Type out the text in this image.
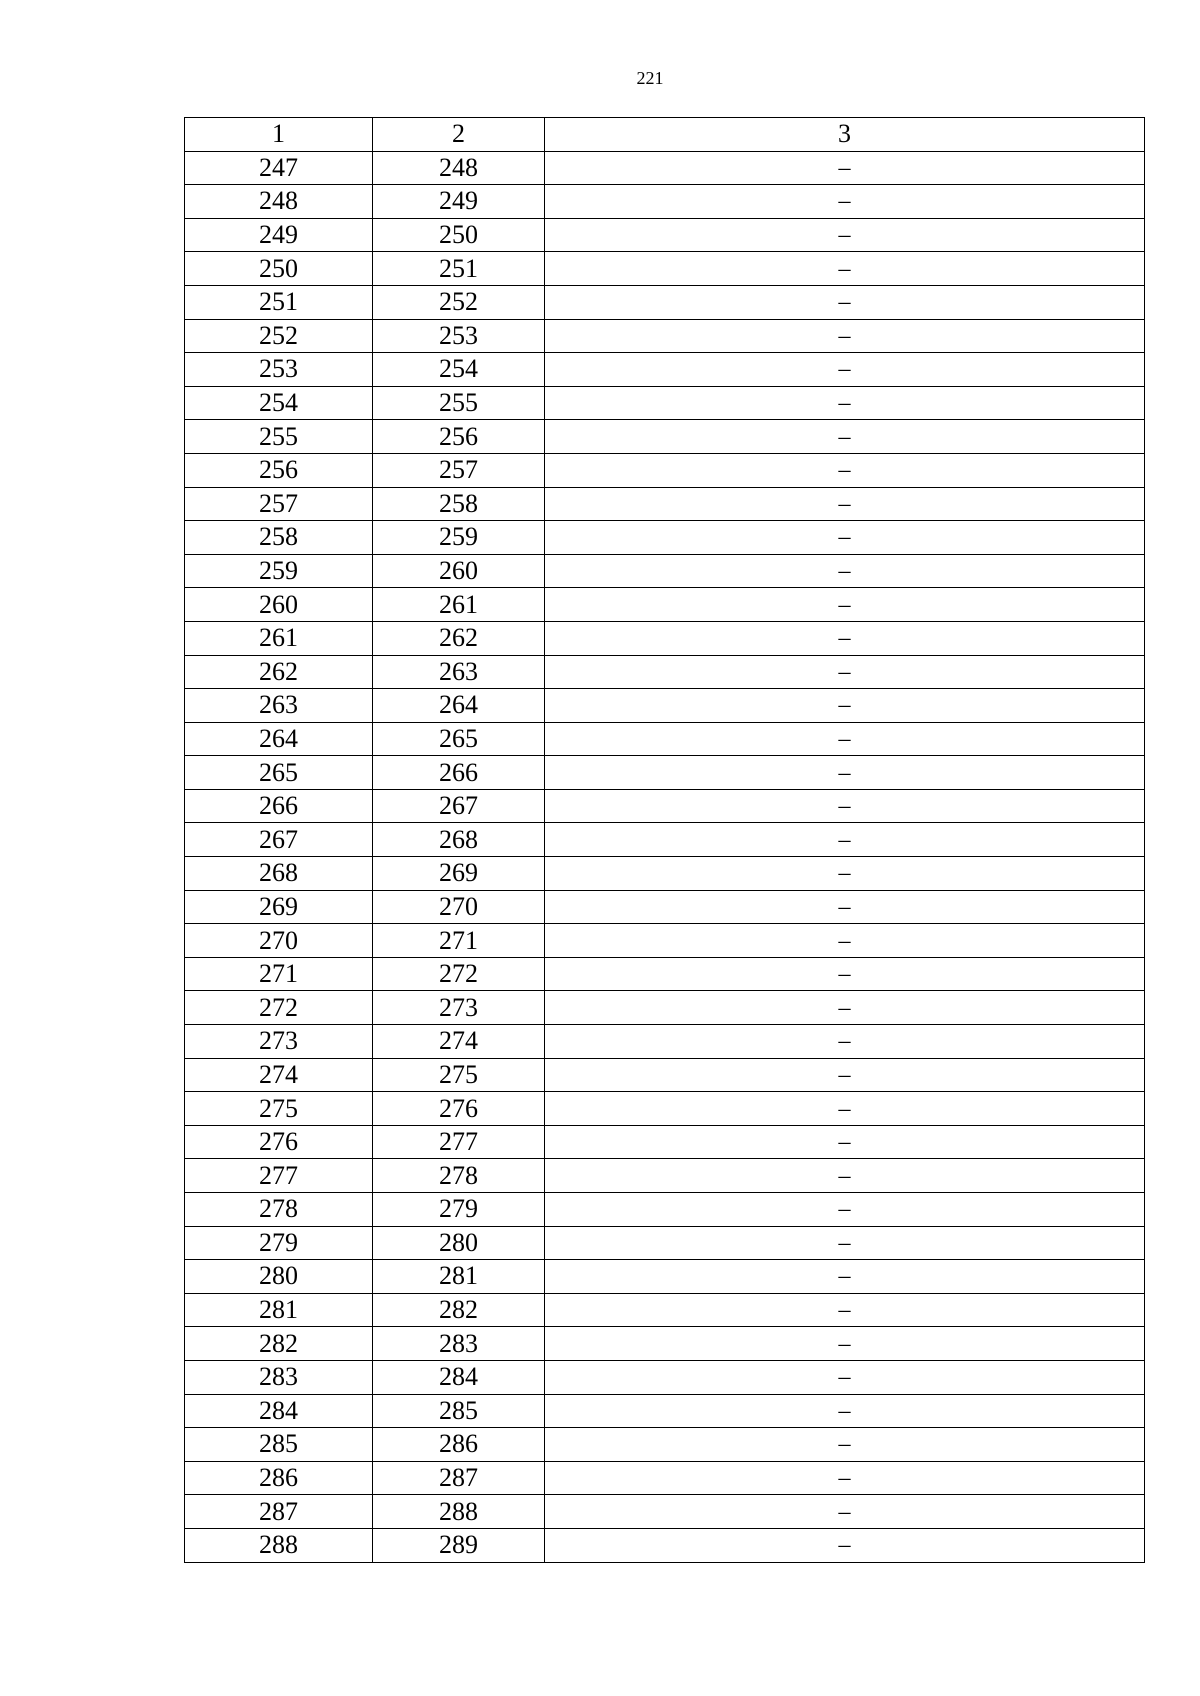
221
1	2	3
247	248	–
248	249	–
249	250	–
250	251	–
251	252	–
252	253	–
253	254	–
254	255	–
255	256	–
256	257	–
257	258	–
258	259	–
259	260	–
260	261	–
261	262	–
262	263	–
263	264	–
264	265	–
265	266	–
266	267	–
267	268	–
268	269	–
269	270	–
270	271	–
271	272	–
272	273	–
273	274	–
274	275	–
275	276	–
276	277	–
277	278	–
278	279	–
279	280	–
280	281	–
281	282	–
282	283	–
283	284	–
284	285	–
285	286	–
286	287	–
287	288	–
288	289	–
